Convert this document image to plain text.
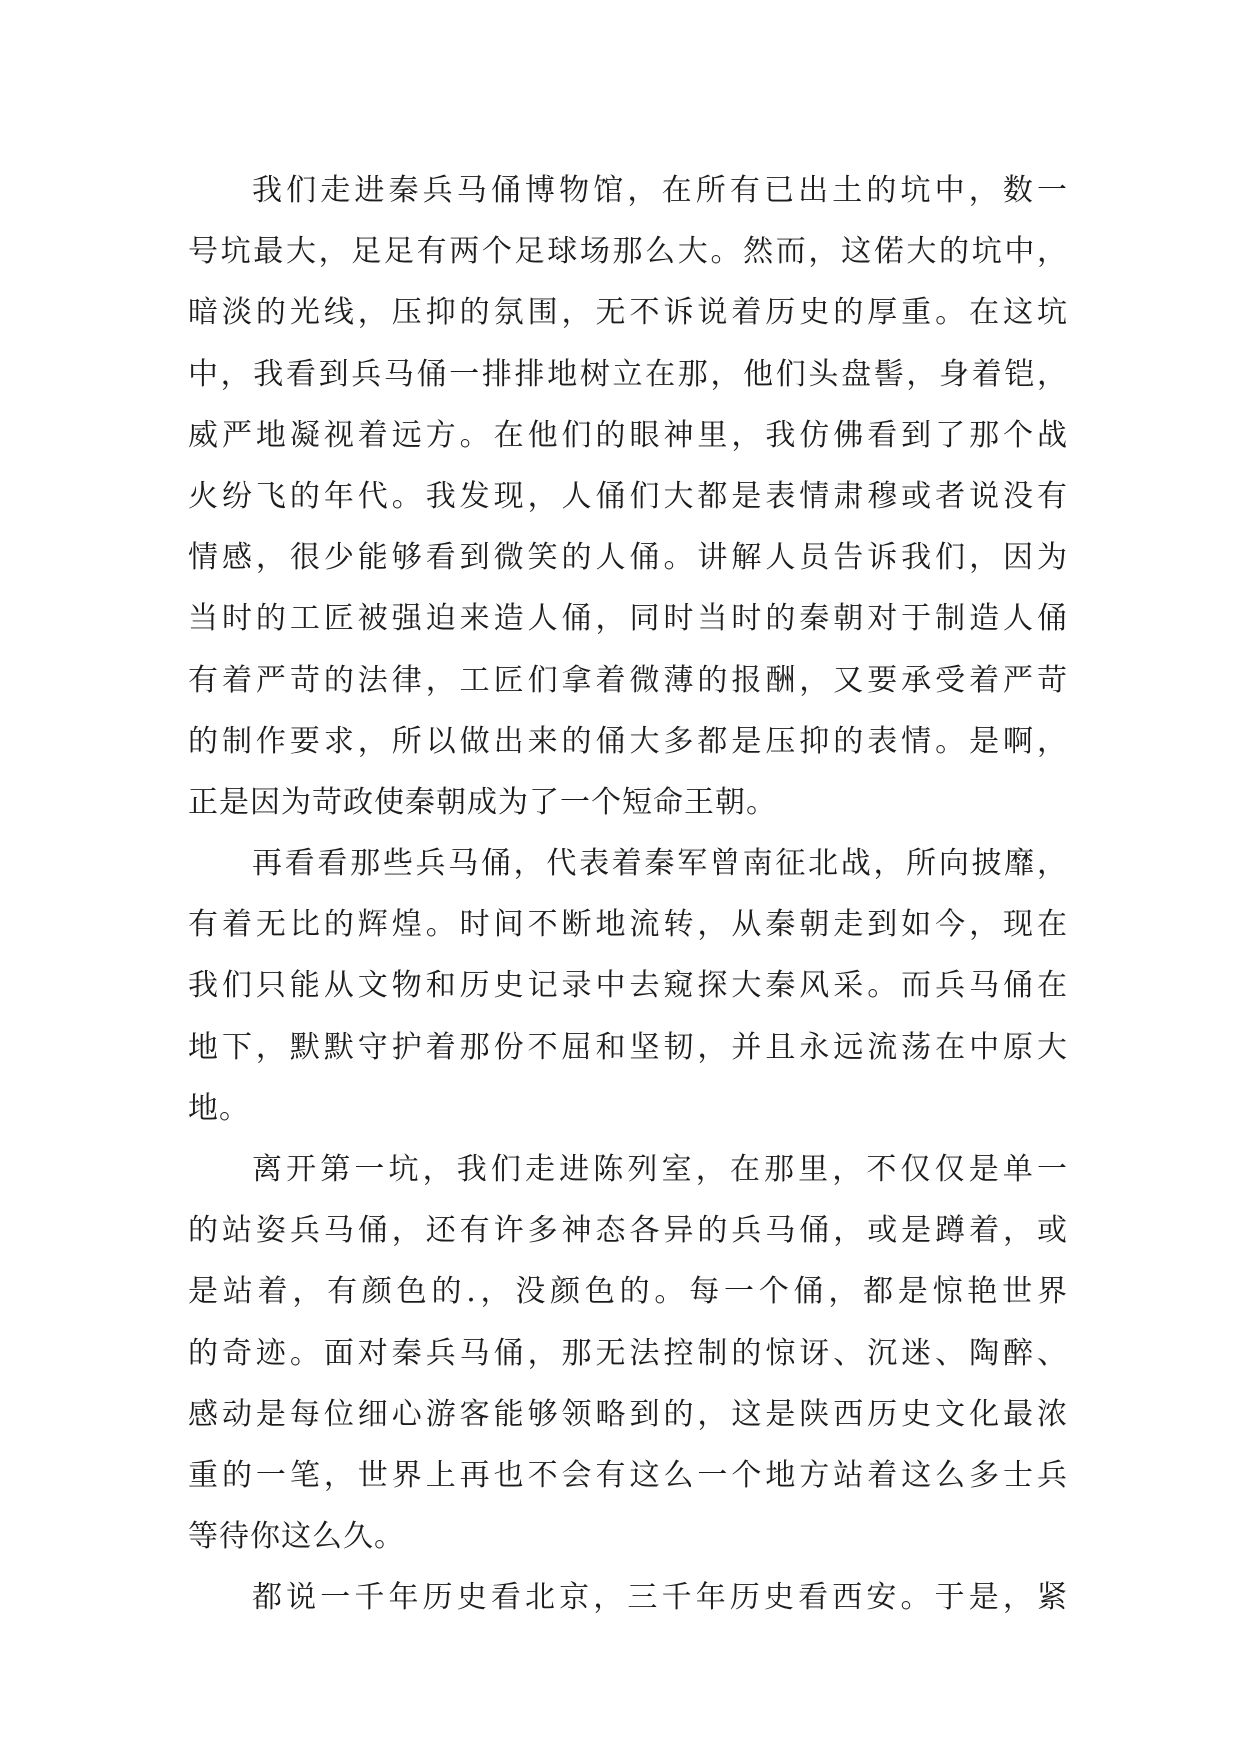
我们走进秦兵马俑博物馆，在所有已出土的坑中，数一
号坑最大，足足有两个足球场那么大。然而，这偌大的坑中，
暗淡的光线，压抑的氛围，无不诉说着历史的厚重。在这坑
中，我看到兵马俑一排排地树立在那，他们头盘髻，身着铠，
威严地凝视着远方。在他们的眼神里，我仿佛看到了那个战
火纷飞的年代。我发现，人俑们大都是表情肃穆或者说没有
情感，很少能够看到微笑的人俑。讲解人员告诉我们，因为
当时的工匠被强迫来造人俑，同时当时的秦朝对于制造人俑
有着严苛的法律，工匠们拿着微薄的报酬，又要承受着严苛
的制作要求，所以做出来的俑大多都是压抑的表情。是啊，
正是因为苛政使秦朝成为了一个短命王朝。
再看看那些兵马俑，代表着秦军曾南征北战，所向披靡，
有着无比的辉煌。时间不断地流转，从秦朝走到如今，现在
我们只能从文物和历史记录中去窥探大秦风采。而兵马俑在
地下，默默守护着那份不屈和坚韧，并且永远流荡在中原大
地。
离开第一坑，我们走进陈列室，在那里，不仅仅是单一
的站姿兵马俑，还有许多神态各异的兵马俑，或是蹲着，或
是站着，有颜色的.，没颜色的。每一个俑，都是惊艳世界
的奇迹。面对秦兵马俑，那无法控制的惊讶、沉迷、陶醉、
感动是每位细心游客能够领略到的，这是陕西历史文化最浓
重的一笔，世界上再也不会有这么一个地方站着这么多士兵
等待你这么久。
都说一千年历史看北京，三千年历史看西安。于是，紧
